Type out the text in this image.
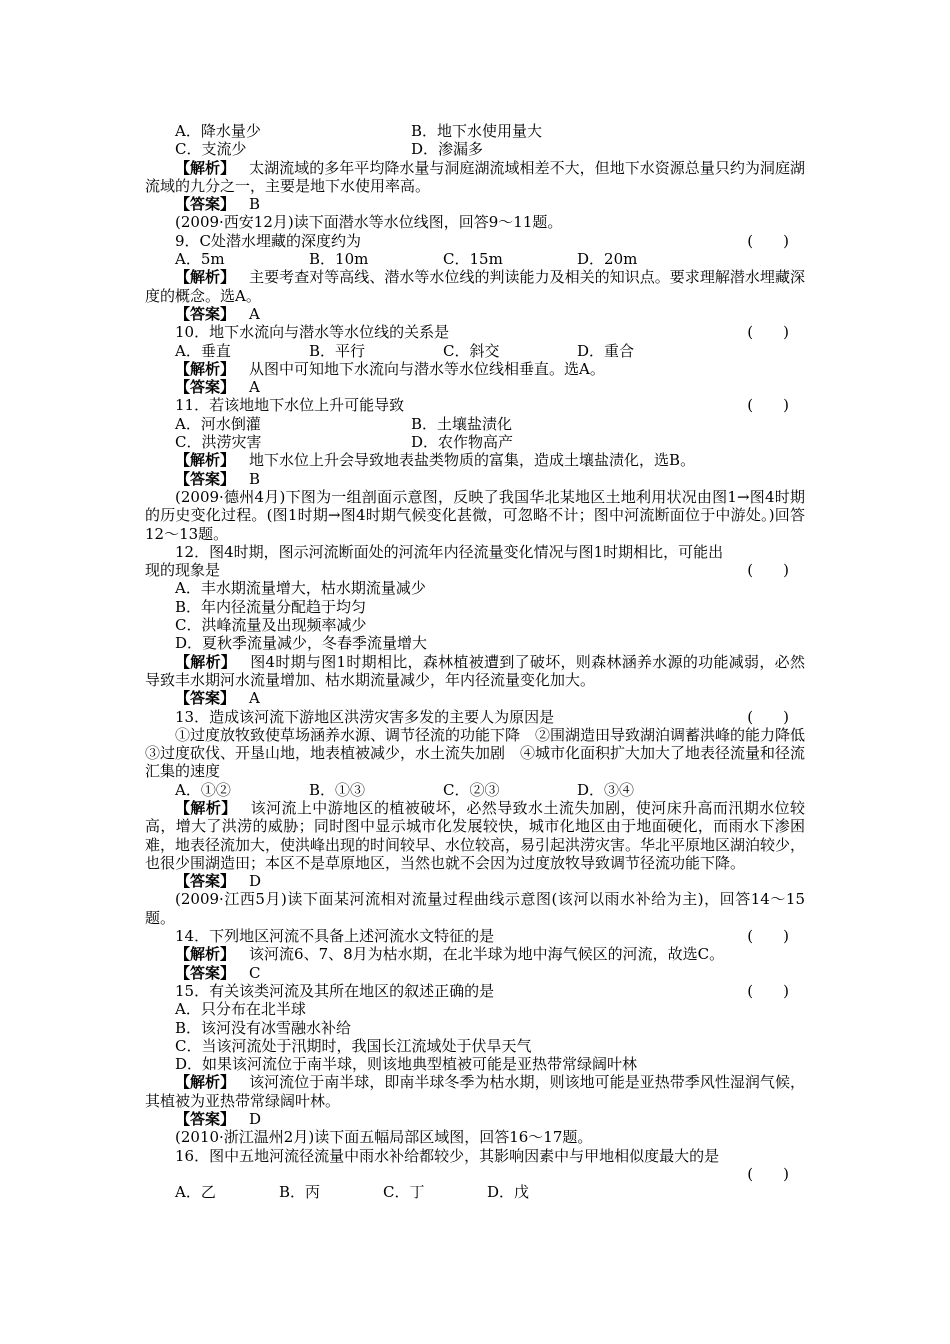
A．降水量少	B．地下水使用量大
C．支流少	D．渗漏多
【 解析 】 太湖流域的多年平均降水量与洞庭湖流域相差不大，但地下水资源总量只约为洞庭湖流域的九分之一，主要是地下水使用率高。
【 答案 】 B
(2009·西安12月)读下面潜水等水位线图，回答9～11题。
9．C处潜水埋藏的深度约为	(　　)
A．5m	B．10m	C．15m	D．20m
【 解析 】 主要考查对等高线、潜水等水位线的判读能力及相关的知识点。要求理解潜水埋藏深度的概念。选A。
【 答案 】 A
10．地下水流向与潜水等水位线的关系是	(　　)
A．垂直	B．平行	C．斜交	D．重合
【 解析 】 从图中可知地下水流向与潜水等水位线相垂直。选A。
【 答案 】 A
11．若该地地下水位上升可能导致	(　　)
A．河水倒灌	B．土壤盐渍化
C．洪涝灾害	D．农作物高产
【 解析 】 地下水位上升会导致地表盐类物质的富集，造成土壤盐渍化，选B。
【 答案 】 B
(2009·德州4月)下图为一组剖面示意图，反映了我国华北某地区土地利用状况由图1→图4时期的历史变化过程。(图1时期→图4时期气候变化甚微，可忽略不计；图中河流断面位于中游处。)回答12～13题。
12．图4时期，图示河流断面处的河流年内径流量变化情况与图1时期相比，可能出
现的现象是	(　　)
A．丰水期流量增大，枯水期流量减少
B．年内径流量分配趋于均匀
C．洪峰流量及出现频率减少
D．夏秋季流量减少，冬春季流量增大
【 解析 】 图4时期与图1时期相比，森林植被遭到了破坏，则森林涵养水源的功能减弱，必然导致丰水期河水流量增加、枯水期流量减少，年内径流量变化加大。
【 答案 】 A
13．造成该河流下游地区洪涝灾害多发的主要人为原因是	(　　)
①过度放牧致使草场涵养水源、调节径流的功能下降　②围湖造田导致湖泊调蓄洪峰的能力降低　③过度砍伐、开垦山地，地表植被减少，水土流失加剧　④城市化面积扩大加大了地表径流量和径流汇集的速度
A．①②	B．①③	C．②③	D．③④
【 解析 】 该河流上中游地区的植被破坏，必然导致水土流失加剧，使河床升高而汛期水位较高，增大了洪涝的威胁；同时图中显示城市化发展较快，城市化地区由于地面硬化，而雨水下渗困难，地表径流加大，使洪峰出现的时间较早、水位较高，易引起洪涝灾害。华北平原地区湖泊较少，也很少围湖造田；本区不是草原地区，当然也就不会因为过度放牧导致调节径流功能下降。
【 答案 】 D
(2009·江西5月)读下面某河流相对流量过程曲线示意图(该河以雨水补给为主)，回答14～15题。
14．下列地区河流不具备上述河流水文特征的是	(　　)
【 解析 】 该河流6、7、8月为枯水期，在北半球为地中海气候区的河流，故选C。
【 答案 】 C
15．有关该类河流及其所在地区的叙述正确的是	(　　)
A．只分布在北半球
B．该河没有冰雪融水补给
C．当该河流处于汛期时，我国长江流域处于伏旱天气
D．如果该河流位于南半球，则该地典型植被可能是亚热带常绿阔叶林
【 解析 】 该河流位于南半球，即南半球冬季为枯水期，则该地可能是亚热带季风性湿润气候，其植被为亚热带常绿阔叶林。
【 答案 】 D
(2010·浙江温州2月)读下面五幅局部区域图，回答16～17题。
16．图中五地河流径流量中雨水补给都较少，其影响因素中与甲地相似度最大的是
(　　)
A．乙	B．丙	C．丁	D．戊
